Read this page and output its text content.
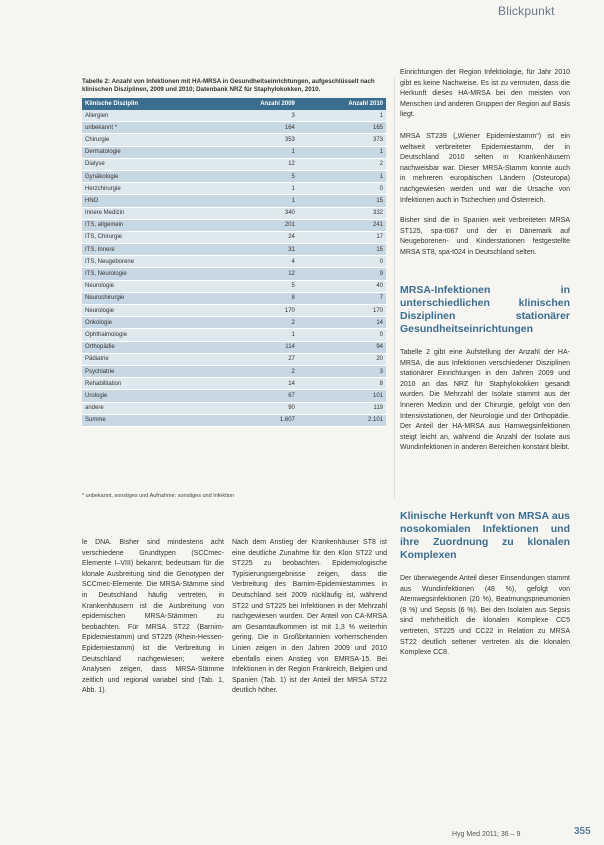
Blickpunkt
Tabelle 2: Anzahl von Infektionen mit HA-MRSA in Gesundheitseinrichtungen, aufgeschlüsselt nach klinischen Disziplinen, 2009 und 2010; Datenbank NRZ für Staphylokokken, 2010.
Klinische Disziplin	Anzahl 2009	Anzahl 2010
Allergien	3	1
unbekannt *	164	165
Chirurgie	353	373
Dermatologie	1	1
Dialyse	12	2
Gynäkologie	5	1
Herzchirurgie	1	0
HNO	1	15
Innere Medizin	340	332
ITS, allgemein	201	241
ITS, Chirurgie	24	17
ITS, Innere	31	15
ITS, Neugeborene	4	0
ITS, Neurologie	12	9
Neurologie	5	40
Neurochirurgie	8	7
Neurologie	170	170
Onkologie	2	14
Ophthalmologie	1	0
Orthopädie	114	94
Pädiatrie	27	20
Psychiatrie	2	3
Rehabilitation	14	8
Urologie	67	101
andere	90	119
Summe	1.607	2.101
* unbekannt, sonstiges und Aufnahme: sonstiges und Infektion

le DNA. Bisher sind mindestens acht verschiedene Grundtypen (SCCmec-Elemente I–VIII) bekannt; bedeutsam für die klonale Ausbreitung sind die Genotypen der SCCmec-Elemente. Die MRSA-Stämme sind in Deutschland häufig vertreten, in Krankenhäusern ist die Ausbreitung von epidemischen MRSA-Stämmen zu beobachten. Für MRSA ST22 (Barnim-Epidemiestamm) und ST225 (Rhein-Hessen-Epidemiestamm) ist die Verbreitung in Deutschland nachgewiesen; weitere Analysen zeigen, dass MRSA-Stämme zeitlich und regional variabel sind (Tab. 1, Abb. 1).

Nach dem Anstieg der Krankenhäuser ST8 ist eine deutliche Zunahme für den Klon ST22 und ST225 zu beobachten. Epidemiologische Typisierungsergebnisse zeigen, dass die Verbreitung des Barnim-Epidemiestammes in Deutschland seit 2009 rückläufig ist, während ST22 und ST225 bei Infektionen in der Mehrzahl nachgewiesen wurden. Der Anteil von CA-MRSA am Gesamtaufkommen ist mit 1,3 % weiterhin gering. Die in Großbritannien vorherrschenden Linien zeigen in den Jahren 2009 und 2010 ebenfalls einen Anstieg von EMRSA-15. Bei Infektionen in der Region Frankreich, Belgien und Spanien (Tab. 1) ist der Anteil der MRSA ST22 deutlich höher.

Einrichtungen der Region Infektiologie, für Jahr 2010 gibt es keine Nachweise. Es ist zu vermuten, dass die Herkunft dieses HA-MRSA bei den meisten von Menschen und anderen Gruppen der Region auf Basis liegt.

MRSA ST239 („Wiener Epidemiestamm“) ist ein weltweit verbreiteter Epidemiestamm, der in Deutschland 2010 selten in Krankenhäusern nachweisbar war. Dieser MRSA-Stamm konnte auch in mehreren europäischen Ländern (Osteuropa) nachgewiesen werden und war die Ursache von Infektionen auch in Tschechien und Österreich.

Bisher sind die in Spanien weit verbreiteten MRSA ST125, spa-t067 und der in Dänemark auf Neugeborenen- und Kinderstationen festgestellte MRSA ST8, spa-t024 in Deutschland selten.

MRSA-Infektionen in unterschiedlichen klinischen Disziplinen stationärer Gesundheitseinrichtungen

Tabelle 2 gibt eine Aufstellung der Anzahl der HA-MRSA, die aus Infektionen verschiedener Disziplinen stationärer Einrichtungen in den Jahren 2009 und 2010 an das NRZ für Staphylokokken gesandt wurden. Die Mehrzahl der Isolate stammt aus der Inneren Medizin und der Chirurgie, gefolgt von den Intensivstationen, der Neurologie und der Orthopädie. Der Anteil der HA-MRSA aus Harnwegsinfektionen steigt leicht an, während die Anzahl der Isolate aus Wundinfektionen in anderen Bereichen konstant bleibt.

Klinische Herkunft von MRSA aus nosokomialen Infektionen und ihre Zuordnung zu klonalen Komplexen

Der überwiegende Anteil dieser Einsendungen stammt aus Wundinfektionen (48 %), gefolgt von Atemwegsinfektionen (20 %), Beatmungspneumonien (8 %) und Sepsis (6 %). Bei den Isolaten aus Sepsis sind mehrheitlich die klonalen Komplexe CC5 vertreten, ST225 und CC22 in Relation zu MRSA ST22 deutlich seltener vertreten als die klonalen Komplexe CC8.

Hyg Med 2011; 36 – 9	355
